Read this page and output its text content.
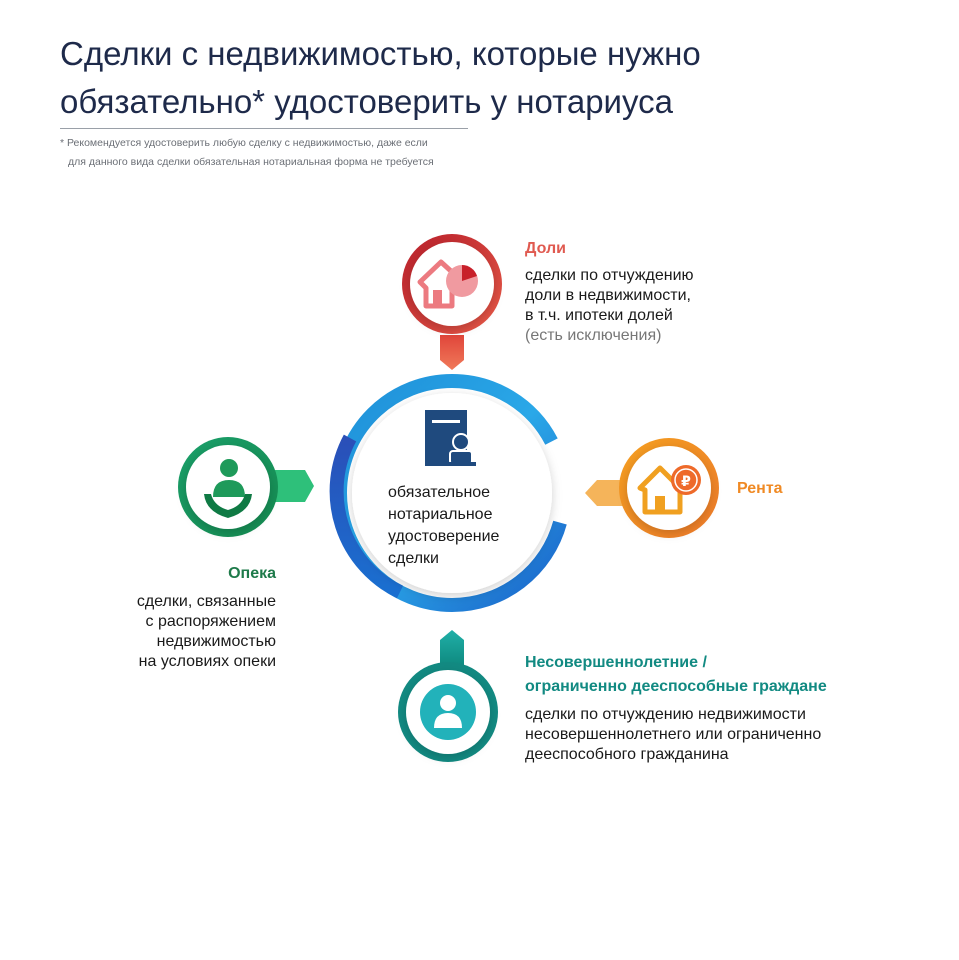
Сделки с недвижимостью, которые нужно
обязательно* удостоверить у нотариуса
* Рекомендуется удостоверить любую сделку с недвижимостью, даже если
для данного вида сделки обязательная нотариальная форма не требуется
₽
обязательное
нотариальное
удостоверение
сделки
Доли
сделки по отчуждению
доли в недвижимости,
в т.ч. ипотеки долей
(есть исключения)
Рента
Опека
сделки, связанные
с распоряжением
недвижимостью
на условиях опеки	Несовершеннолетние /
ограниченно дееспособные граждане
сделки по отчуждению недвижимости
несовершеннолетнего или ограниченно
дееспособного гражданина
